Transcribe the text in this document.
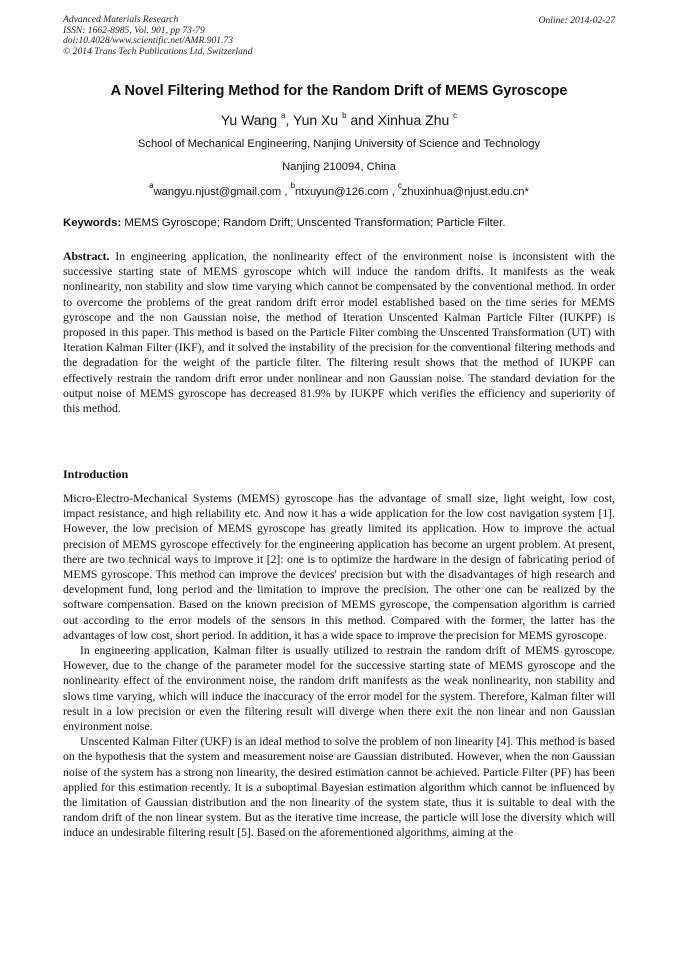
Advanced Materials Research
ISSN: 1662-8985, Vol. 901, pp 73-79
doi:10.4028/www.scientific.net/AMR.901.73
© 2014 Trans Tech Publications Ltd, Switzerland
Online: 2014-02-27
A Novel Filtering Method for the Random Drift of MEMS Gyroscope
Yu Wang $^a$, Yun Xu $^b$ and Xinhua Zhu $^c$
School of Mechanical Engineering, Nanjing University of Science and Technology
Nanjing 210094, China
$^a$wangyu.njust@gmail.com , $^b$ntxuyun@126.com , $^c$zhuxinhua@njust.edu.cn*
Keywords: MEMS Gyroscope; Random Drift; Unscented Transformation; Particle Filter.

Abstract. In engineering application, the nonlinearity effect of the environment noise is inconsistent with the successive starting state of MEMS gyroscope which will induce the random drifts. It manifests as the weak nonlinearity, non stability and slow time varying which cannot be compensated by the conventional method. In order to overcome the problems of the great random drift error model established based on the time series for MEMS gyroscope and the non Gaussian noise, the method of Iteration Unscented Kalman Particle Filter (IUKPF) is proposed in this paper. This method is based on the Particle Filter combing the Unscented Transformation (UT) with Iteration Kalman Filter (IKF), and it solved the instability of the precision for the conventional filtering methods and the degradation for the weight of the particle filter. The filtering result shows that the method of IUKPF can effectively restrain the random drift error under nonlinear and non Gaussian noise. The standard deviation for the output noise of MEMS gyroscope has decreased 81.9% by IUKPF which verifies the efficiency and superiority of this method.

Introduction

Micro-Electro-Mechanical Systems (MEMS) gyroscope has the advantage of small size, light weight, low cost, impact resistance, and high reliability etc. And now it has a wide application for the low cost navigation system [1]. However, the low precision of MEMS gyroscope has greatly limited its application. How to improve the actual precision of MEMS gyroscope effectively for the engineering application has become an urgent problem. At present, there are two technical ways to improve it [2]: one is to optimize the hardware in the design of fabricating period of MEMS gyroscope. This method can improve the devices' precision but with the disadvantages of high research and development fund, long period and the limitation to improve the precision. The other one can be realized by the software compensation. Based on the known precision of MEMS gyroscope, the compensation algorithm is carried out according to the error models of the sensors in this method. Compared with the former, the latter has the advantages of low cost, short period. In addition, it has a wide space to improve the precision for MEMS gyroscope.

In engineering application, Kalman filter is usually utilized to restrain the random drift of MEMS gyroscope. However, due to the change of the parameter model for the successive starting state of MEMS gyroscope and the nonlinearity effect of the environment noise, the random drift manifests as the weak nonlinearity, non stability and slows time varying, which will induce the inaccuracy of the error model for the system. Therefore, Kalman filter will result in a low precision or even the filtering result will diverge when there exit the non linear and non Gaussian environment noise.

Unscented Kalman Filter (UKF) is an ideal method to solve the problem of non linearity [4]. This method is based on the hypothesis that the system and measurement noise are Gaussian distributed. However, when the non Gaussian noise of the system has a strong non linearity, the desired estimation cannot be achieved. Particle Filter (PF) has been applied for this estimation recently. It is a suboptimal Bayesian estimation algorithm which cannot be influenced by the limitation of Gaussian distribution and the non linearity of the system state, thus it is suitable to deal with the random drift of the non linear system. But as the iterative time increase, the particle will lose the diversity which will induce an undesirable filtering result [5]. Based on the aforementioned algorithms, aiming at the
